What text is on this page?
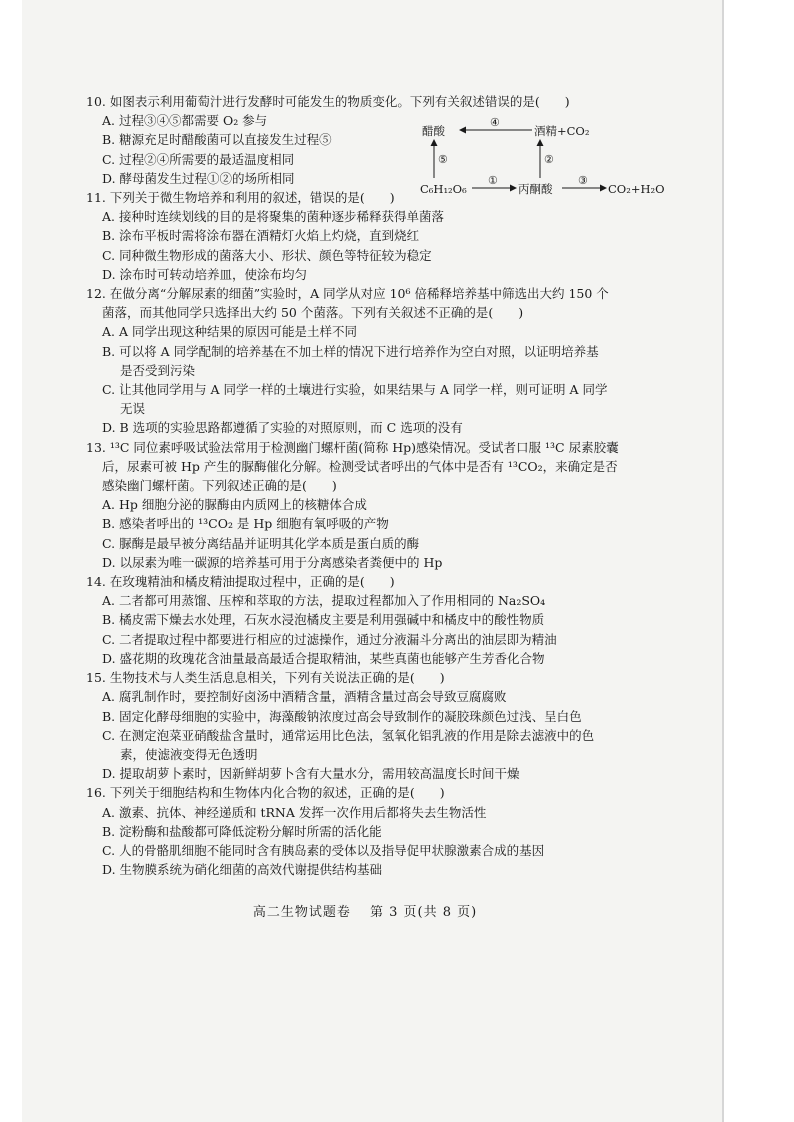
10. 如图表示利用葡萄汁进行发酵时可能发生的物质变化。下列有关叙述错误的是(　　)
A. 过程③④⑤都需要 O₂ 参与
B. 糖源充足时醋酸菌可以直接发生过程⑤
C. 过程②④所需要的最适温度相同
D. 酵母菌发生过程①②的场所相同
醋酸	酒精+CO₂
C₆H₁₂O₆	丙酮酸	CO₂+H₂O
④
⑤
①
②
③
11. 下列关于微生物培养和利用的叙述，错误的是(　　)
A. 接种时连续划线的目的是将聚集的菌种逐步稀释获得单菌落
B. 涂布平板时需将涂布器在酒精灯火焰上灼烧，直到烧红
C. 同种微生物形成的菌落大小、形状、颜色等特征较为稳定
D. 涂布时可转动培养皿，使涂布均匀
12. 在做分离“分解尿素的细菌”实验时，A 同学从对应 10⁶ 倍稀释培养基中筛选出大约 150 个
菌落，而其他同学只选择出大约 50 个菌落。下列有关叙述不正确的是(　　)
A. A 同学出现这种结果的原因可能是土样不同
B. 可以将 A 同学配制的培养基在不加土样的情况下进行培养作为空白对照，以证明培养基
是否受到污染
C. 让其他同学用与 A 同学一样的土壤进行实验，如果结果与 A 同学一样，则可证明 A 同学
无误
D. B 选项的实验思路都遵循了实验的对照原则，而 C 选项的没有
13. ¹³C 同位素呼吸试验法常用于检测幽门螺杆菌(简称 Hp)感染情况。受试者口服 ¹³C 尿素胶囊
后，尿素可被 Hp 产生的脲酶催化分解。检测受试者呼出的气体中是否有 ¹³CO₂，来确定是否
感染幽门螺杆菌。下列叙述正确的是(　　)
A. Hp 细胞分泌的脲酶由内质网上的核糖体合成
B. 感染者呼出的 ¹³CO₂ 是 Hp 细胞有氧呼吸的产物
C. 脲酶是最早被分离结晶并证明其化学本质是蛋白质的酶
D. 以尿素为唯一碳源的培养基可用于分离感染者粪便中的 Hp
14. 在玫瑰精油和橘皮精油提取过程中，正确的是(　　)
A. 二者都可用蒸馏、压榨和萃取的方法，提取过程都加入了作用相同的 Na₂SO₄
B. 橘皮需下燥去水处理，石灰水浸泡橘皮主要是利用强碱中和橘皮中的酸性物质
C. 二者提取过程中都要进行相应的过滤操作，通过分液漏斗分离出的油层即为精油
D. 盛花期的玫瑰花含油量最高最适合提取精油，某些真菌也能够产生芳香化合物
15. 生物技术与人类生活息息相关，下列有关说法正确的是(　　)
A. 腐乳制作时，要控制好卤汤中酒精含量，酒精含量过高会导致豆腐腐败
B. 固定化酵母细胞的实验中，海藻酸钠浓度过高会导致制作的凝胶珠颜色过浅、呈白色
C. 在测定泡菜亚硝酸盐含量时，通常运用比色法，氢氧化铝乳液的作用是除去滤液中的色
素，使滤液变得无色透明
D. 提取胡萝卜素时，因新鲜胡萝卜含有大量水分，需用较高温度长时间干燥
16. 下列关于细胞结构和生物体内化合物的叙述，正确的是(　　)
A. 激素、抗体、神经递质和 tRNA 发挥一次作用后都将失去生物活性
B. 淀粉酶和盐酸都可降低淀粉分解时所需的活化能
C. 人的骨骼肌细胞不能同时含有胰岛素的受体以及指导促甲状腺激素合成的基因
D. 生物膜系统为硝化细菌的高效代谢提供结构基础
高二生物试题卷 第 3 页(共 8 页)
